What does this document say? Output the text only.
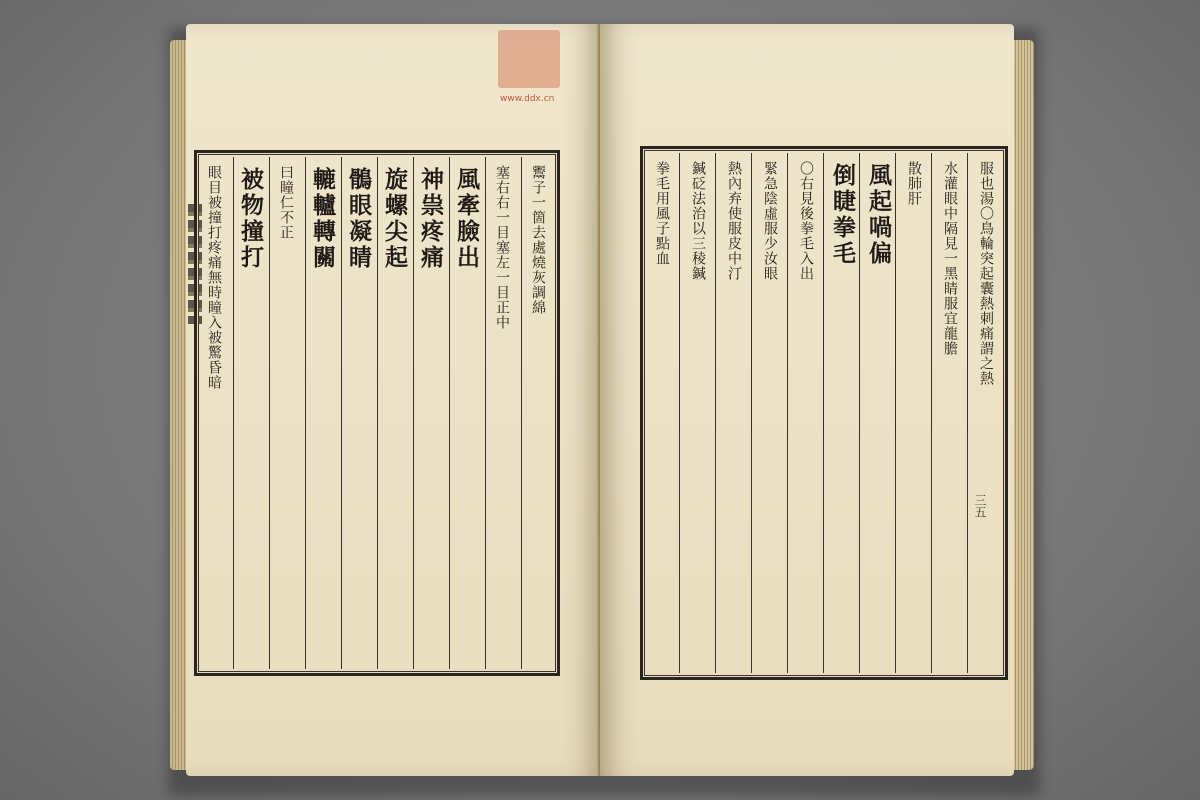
www.ddx.cn
鬻子一箇去處燒灰調綿
塞右右一目塞左一目正中
風牽臉出
神祟疼痛
旋螺尖起
鶻眼凝睛
轆轤轉關
曰瞳仁不正
被物撞打
眼目被撞打疼痛無時瞳入被驚昏暗
三五
服也湯〇鳥輪突起囊熱刺痛謂之熱
水灌眼中隔見一黑睛服宜龍膽
散肺肝
風起喎偏
倒睫拳毛
〇右見後拳毛入出
緊急陰虛服少汝眼
熱內弃使服皮中汀
鍼砭法治以三稜鍼
拳毛用風子點血
